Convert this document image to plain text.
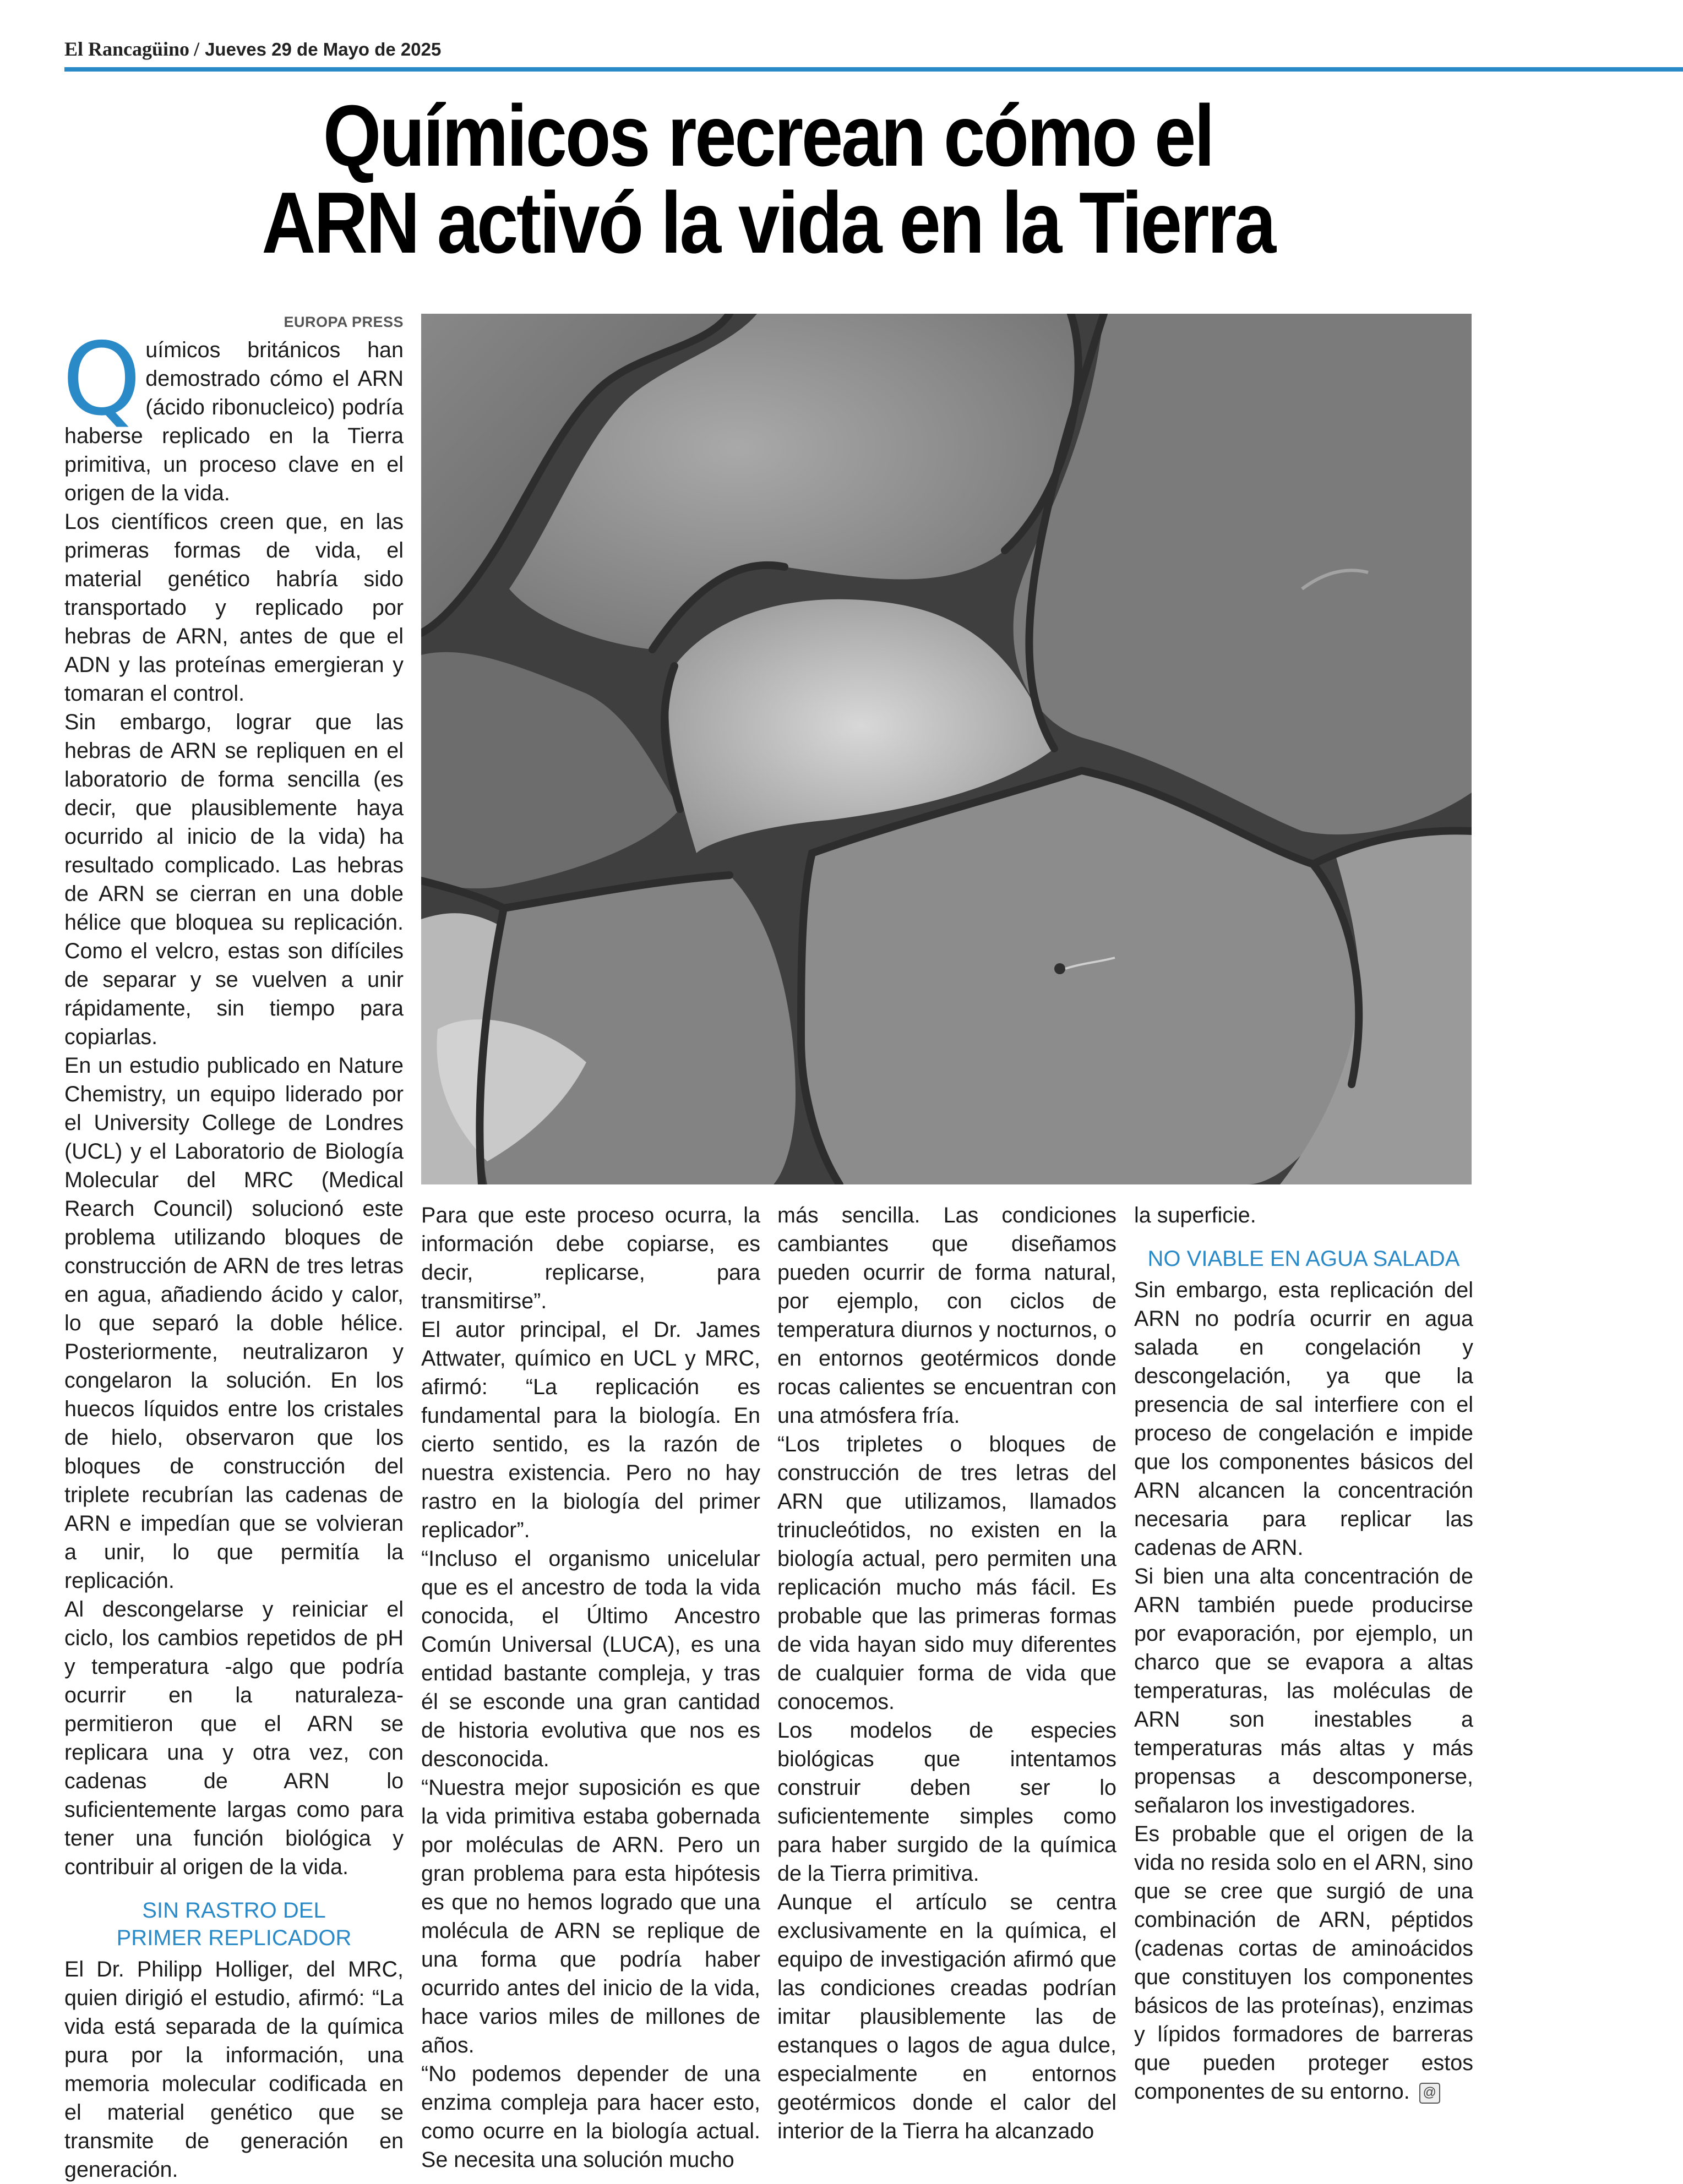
El Rancagüino / Jueves 29 de Mayo de 2025
Químicos recrean cómo el
ARN activó la vida en la Tierra
EUROPA PRESS

Químicos británicos han demostrado cómo el ARN (ácido ribonucleico) podría haberse replicado en la Tierra primitiva, un proceso clave en el origen de la vida.

Los científicos creen que, en las primeras formas de vida, el material genético habría sido transportado y replicado por hebras de ARN, antes de que el ADN y las proteínas emergieran y tomaran el control.

Sin embargo, lograr que las hebras de ARN se repliquen en el laboratorio de forma sencilla (es decir, que plausiblemente haya ocurrido al inicio de la vida) ha resultado complicado. Las hebras de ARN se cierran en una doble hélice que bloquea su replicación. Como el velcro, estas son difíciles de separar y se vuelven a unir rápidamente, sin tiempo para copiarlas.

En un estudio publicado en Nature Chemistry, un equipo liderado por el University College de Londres (UCL) y el Laboratorio de Biología Molecular del MRC (Medical Rearch Council) solucionó este problema utilizando bloques de construcción de ARN de tres letras en agua, añadiendo ácido y calor, lo que separó la doble hélice. Posteriormente, neutralizaron y congelaron la solución. En los huecos líquidos entre los cristales de hielo, observaron que los bloques de construcción del triplete recubrían las cadenas de ARN e impedían que se volvieran a unir, lo que permitía la replicación.

Al descongelarse y reiniciar el ciclo, los cambios repetidos de pH y temperatura -algo que podría ocurrir en la naturaleza- permitieron que el ARN se replicara una y otra vez, con cadenas de ARN lo suficientemente largas como para tener una función biológica y contribuir al origen de la vida.

SIN RASTRO DEL
PRIMER REPLICADOR

El Dr. Philipp Holliger, del MRC, quien dirigió el estudio, afirmó: “La vida está separada de la química pura por la información, una memoria molecular codificada en el material genético que se transmite de generación en generación.

Para que este proceso ocurra, la información debe copiarse, es decir, replicarse, para transmitirse”.

El autor principal, el Dr. James Attwater, químico en UCL y MRC, afirmó: “La replicación es fundamental para la biología. En cierto sentido, es la razón de nuestra existencia. Pero no hay rastro en la biología del primer replicador”.

“Incluso el organismo unicelular que es el ancestro de toda la vida conocida, el Último Ancestro Común Universal (LUCA), es una entidad bastante compleja, y tras él se esconde una gran cantidad de historia evolutiva que nos es desconocida.

“Nuestra mejor suposición es que la vida primitiva estaba gobernada por moléculas de ARN. Pero un gran problema para esta hipótesis es que no hemos logrado que una molécula de ARN se replique de una forma que podría haber ocurrido antes del inicio de la vida, hace varios miles de millones de años.

“No podemos depender de una enzima compleja para hacer esto, como ocurre en la biología actual. Se necesita una solución mucho

más sencilla. Las condiciones cambiantes que diseñamos pueden ocurrir de forma natural, por ejemplo, con ciclos de temperatura diurnos y nocturnos, o en entornos geotérmicos donde rocas calientes se encuentran con una atmósfera fría.

“Los tripletes o bloques de construcción de tres letras del ARN que utilizamos, llamados trinucleótidos, no existen en la biología actual, pero permiten una replicación mucho más fácil. Es probable que las primeras formas de vida hayan sido muy diferentes de cualquier forma de vida que conocemos.

Los modelos de especies biológicas que intentamos construir deben ser lo suficientemente simples como para haber surgido de la química de la Tierra primitiva.

Aunque el artículo se centra exclusivamente en la química, el equipo de investigación afirmó que las condiciones creadas podrían imitar plausiblemente las de estanques o lagos de agua dulce, especialmente en entornos geotérmicos donde el calor del interior de la Tierra ha alcanzado

la superficie.

NO VIABLE EN AGUA SALADA

Sin embargo, esta replicación del ARN no podría ocurrir en agua salada en congelación y descongelación, ya que la presencia de sal interfiere con el proceso de congelación e impide que los componentes básicos del ARN alcancen la concentración necesaria para replicar las cadenas de ARN.

Si bien una alta concentración de ARN también puede producirse por evaporación, por ejemplo, un charco que se evapora a altas temperaturas, las moléculas de ARN son inestables a temperaturas más altas y más propensas a descomponerse, señalaron los investigadores.

Es probable que el origen de la vida no resida solo en el ARN, sino que se cree que surgió de una combinación de ARN, péptidos (cadenas cortas de aminoácidos que constituyen los componentes básicos de las proteínas), enzimas y lípidos formadores de barreras que pueden proteger estos componentes de su entorno. @
